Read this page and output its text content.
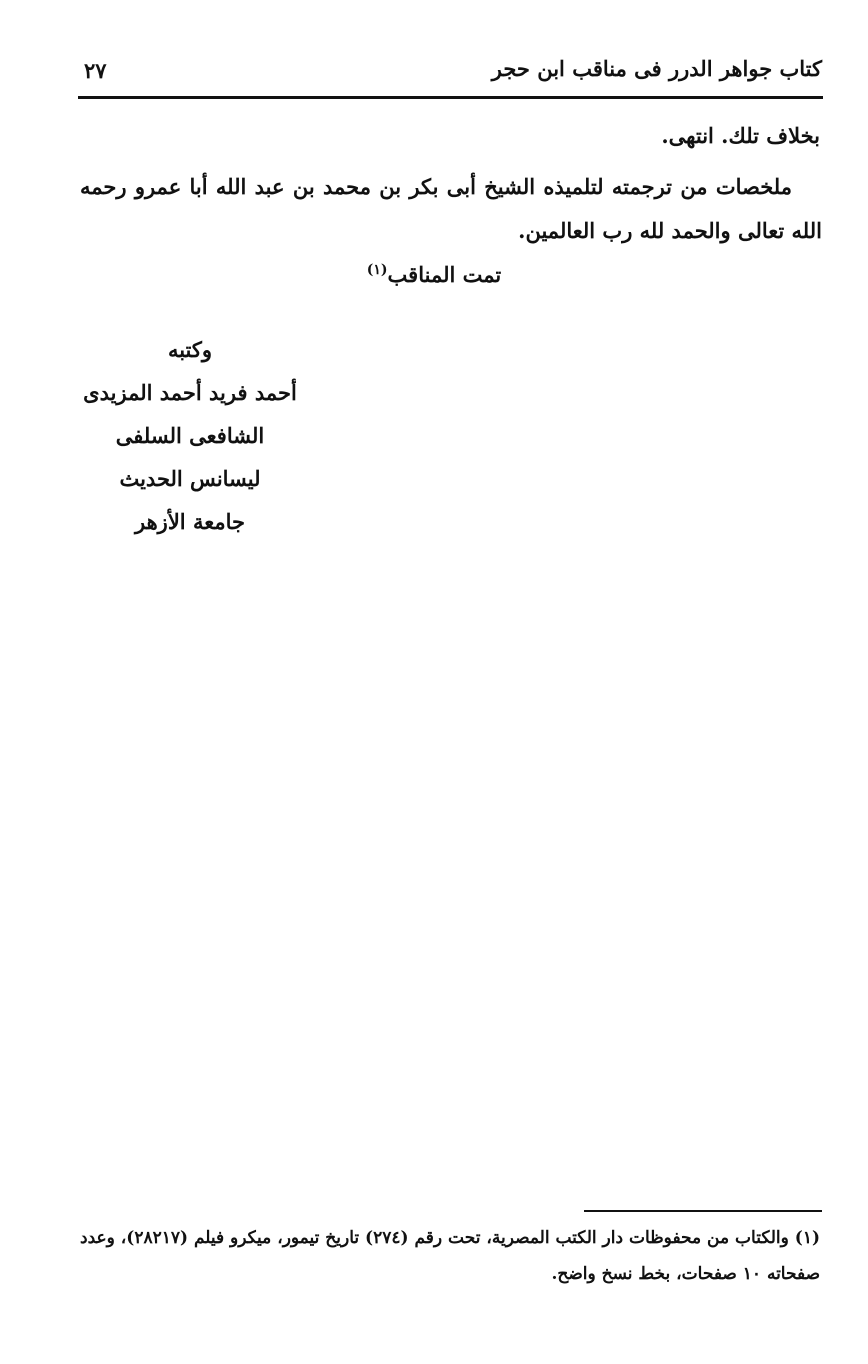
كتاب جواهر الدرر فى مناقب ابن حجر
٢٧
بخلاف تلك. انتهى.
ملخصات من ترجمته لتلميذه الشيخ أبى بكر بن محمد بن عبد الله أبا عمرو رحمه الله تعالى والحمد لله رب العالمين.
تمت المناقب$^{(١)}$
وكتبه
أحمد فريد أحمد المزيدى
الشافعى السلفى
ليسانس الحديث
جامعة الأزهر
(١) والكتاب من محفوظات دار الكتب المصرية، تحت رقم (٢٧٤) تاريخ تيمور، ميكرو فيلم (٢٨٢١٧)، وعدد صفحاته ١٠ صفحات، بخط نسخ واضح.
